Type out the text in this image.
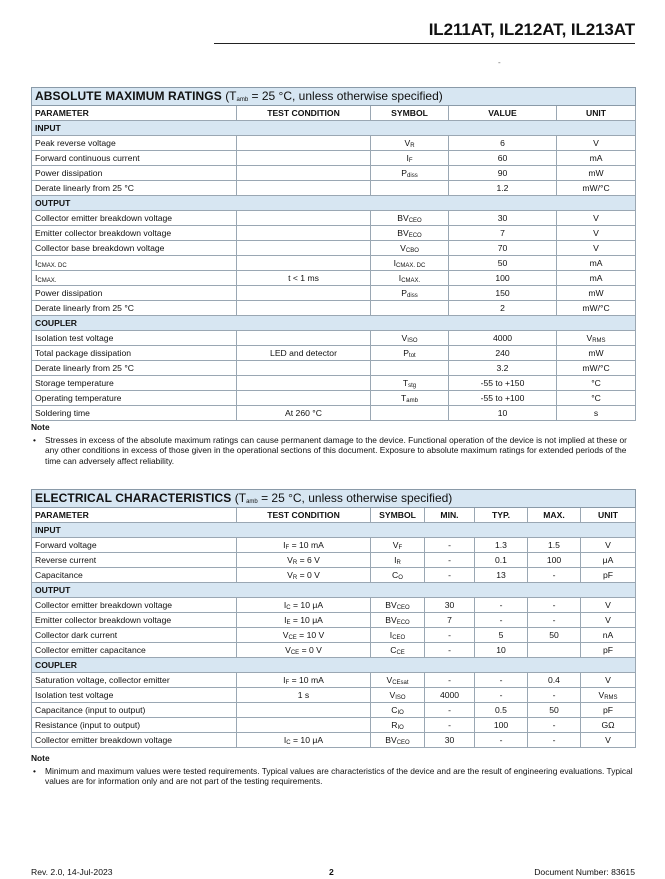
IL211AT, IL212AT, IL213AT
-
ABSOLUTE MAXIMUM RATINGS ($T_{amb} = 25$ °C, unless otherwise specified)				
PARAMETER	TEST CONDITION	SYMBOL	VALUE	UNIT
INPUT				
Peak reverse voltage		$V_R$	6	V
Forward continuous current		$I_F$	60	mA
Power dissipation		$P_{diss}$	90	mW
Derate linearly from 25 °C			1.2	mW/°C
OUTPUT				
Collector emitter breakdown voltage		$BV_{CEO}$	30	V
Emitter collector breakdown voltage		$BV_{ECO}$	7	V
Collector base breakdown voltage		$V_{CBO}$	70	V
$I_{CMAX. DC}$		$I_{CMAX. DC}$	50	mA
$I_{CMAX.}$	t < 1 ms	$I_{CMAX.}$	100	mA
Power dissipation		$P_{diss}$	150	mW
Derate linearly from 25 °C			2	mW/°C
COUPLER				
Isolation test voltage		$V_{ISO}$	4000	$V_{RMS}$
Total package dissipation	LED and detector	$P_{tot}$	240	mW
Derate linearly from 25 °C			3.2	mW/°C
Storage temperature		$T_{stg}$	-55 to +150	°C
Operating temperature		$T_{amb}$	-55 to +100	°C
Soldering time	At 260 °C		10	s
Note
• Stresses in excess of the absolute maximum ratings can cause permanent damage to the device. Functional operation of the device is not implied at these or any other conditions in excess of those given in the operational sections of this document. Exposure to absolute maximum ratings for extended periods of the time can adversely affect reliability.
ELECTRICAL CHARACTERISTICS ($T_{amb} = 25$ °C, unless otherwise specified)						
PARAMETER	TEST CONDITION	SYMBOL	MIN.	TYP.	MAX.	UNIT
INPUT						
Forward voltage	$I_F = 10$ mA	$V_F$	-	1.3	1.5	V
Reverse current	$V_R = 6$ V	$I_R$	-	0.1	100	μA
Capacitance	$V_R = 0$ V	$C_O$	-	13	-	pF
OUTPUT						
Collector emitter breakdown voltage	$I_C = 10$ μA	$BV_{CEO}$	30	-	-	V
Emitter collector breakdown voltage	$I_E = 10$ μA	$BV_{ECO}$	7	-	-	V
Collector dark current	$V_{CE} = 10$ V	$I_{CEO}$	-	5	50	nA
Collector emitter capacitance	$V_{CE} = 0$ V	$C_{CE}$	-	10		pF
COUPLER						
Saturation voltage, collector emitter	$I_F = 10$ mA	$V_{CEsat}$	-	-	0.4	V
Isolation test voltage	1 s	$V_{ISO}$	4000	-	-	$V_{RMS}$
Capacitance (input to output)		$C_{IO}$	-	0.5	50	pF
Resistance (input to output)		$R_{IO}$	-	100	-	GΩ
Collector emitter breakdown voltage	$I_C = 10$ μA	$BV_{CEO}$	30	-	-	V
Note
• Minimum and maximum values were tested requirements. Typical values are characteristics of the device and are the result of engineering evaluations. Typical values are for information only and are not part of the testing requirements.
Rev. 2.0, 14-Jul-2023	2	Document Number: 83615
